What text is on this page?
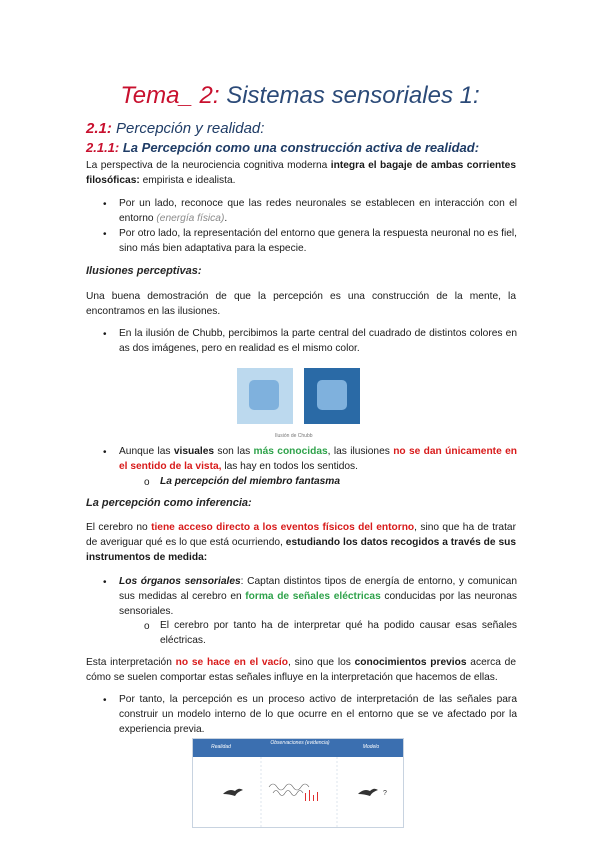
Tema_ 2: Sistemas sensoriales 1:
2.1: Percepción y realidad:
2.1.1: La Percepción como una construcción activa de realidad:
La perspectiva de la neurociencia cognitiva moderna integra el bagaje de ambas corrientes filosóficas: empirista e idealista.
• Por un lado, reconoce que las redes neuronales se establecen en interacción con el entorno (energía física).
• Por otro lado, la representación del entorno que genera la respuesta neuronal no es fiel, sino más bien adaptativa para la especie.
Ilusiones perceptivas:
Una buena demostración de que la percepción es una construcción de la mente, la encontramos en las ilusiones.
• En la ilusión de Chubb, percibimos la parte central del cuadrado de distintos colores en as dos imágenes, pero en realidad es el mismo color.
Ilusión de Chubb
• Aunque las visuales son las más conocidas, las ilusiones no se dan únicamente en el sentido de la vista, las hay en todos los sentidos.
o La percepción del miembro fantasma
La percepción como inferencia:
El cerebro no tiene acceso directo a los eventos físicos del entorno, sino que ha de tratar de averiguar qué es lo que está ocurriendo, estudiando los datos recogidos a través de sus instrumentos de medida:
• Los órganos sensoriales: Captan distintos tipos de energía de entorno, y comunican sus medidas al cerebro en forma de señales eléctricas conducidas por las neuronas sensoriales.
o El cerebro por tanto ha de interpretar qué ha podido causar esas señales eléctricas.
Esta interpretación no se hace en el vacío, sino que los conocimientos previos acerca de cómo se suelen comportar estas señales influye en la interpretación que hacemos de ellas.
• Por tanto, la percepción es un proceso activo de interpretación de las señales para construir un modelo interno de lo que ocurre en el entorno que se ve afectado por la experiencia previa.
Realidad
Observaciones (evidencia)
Modelo
?
